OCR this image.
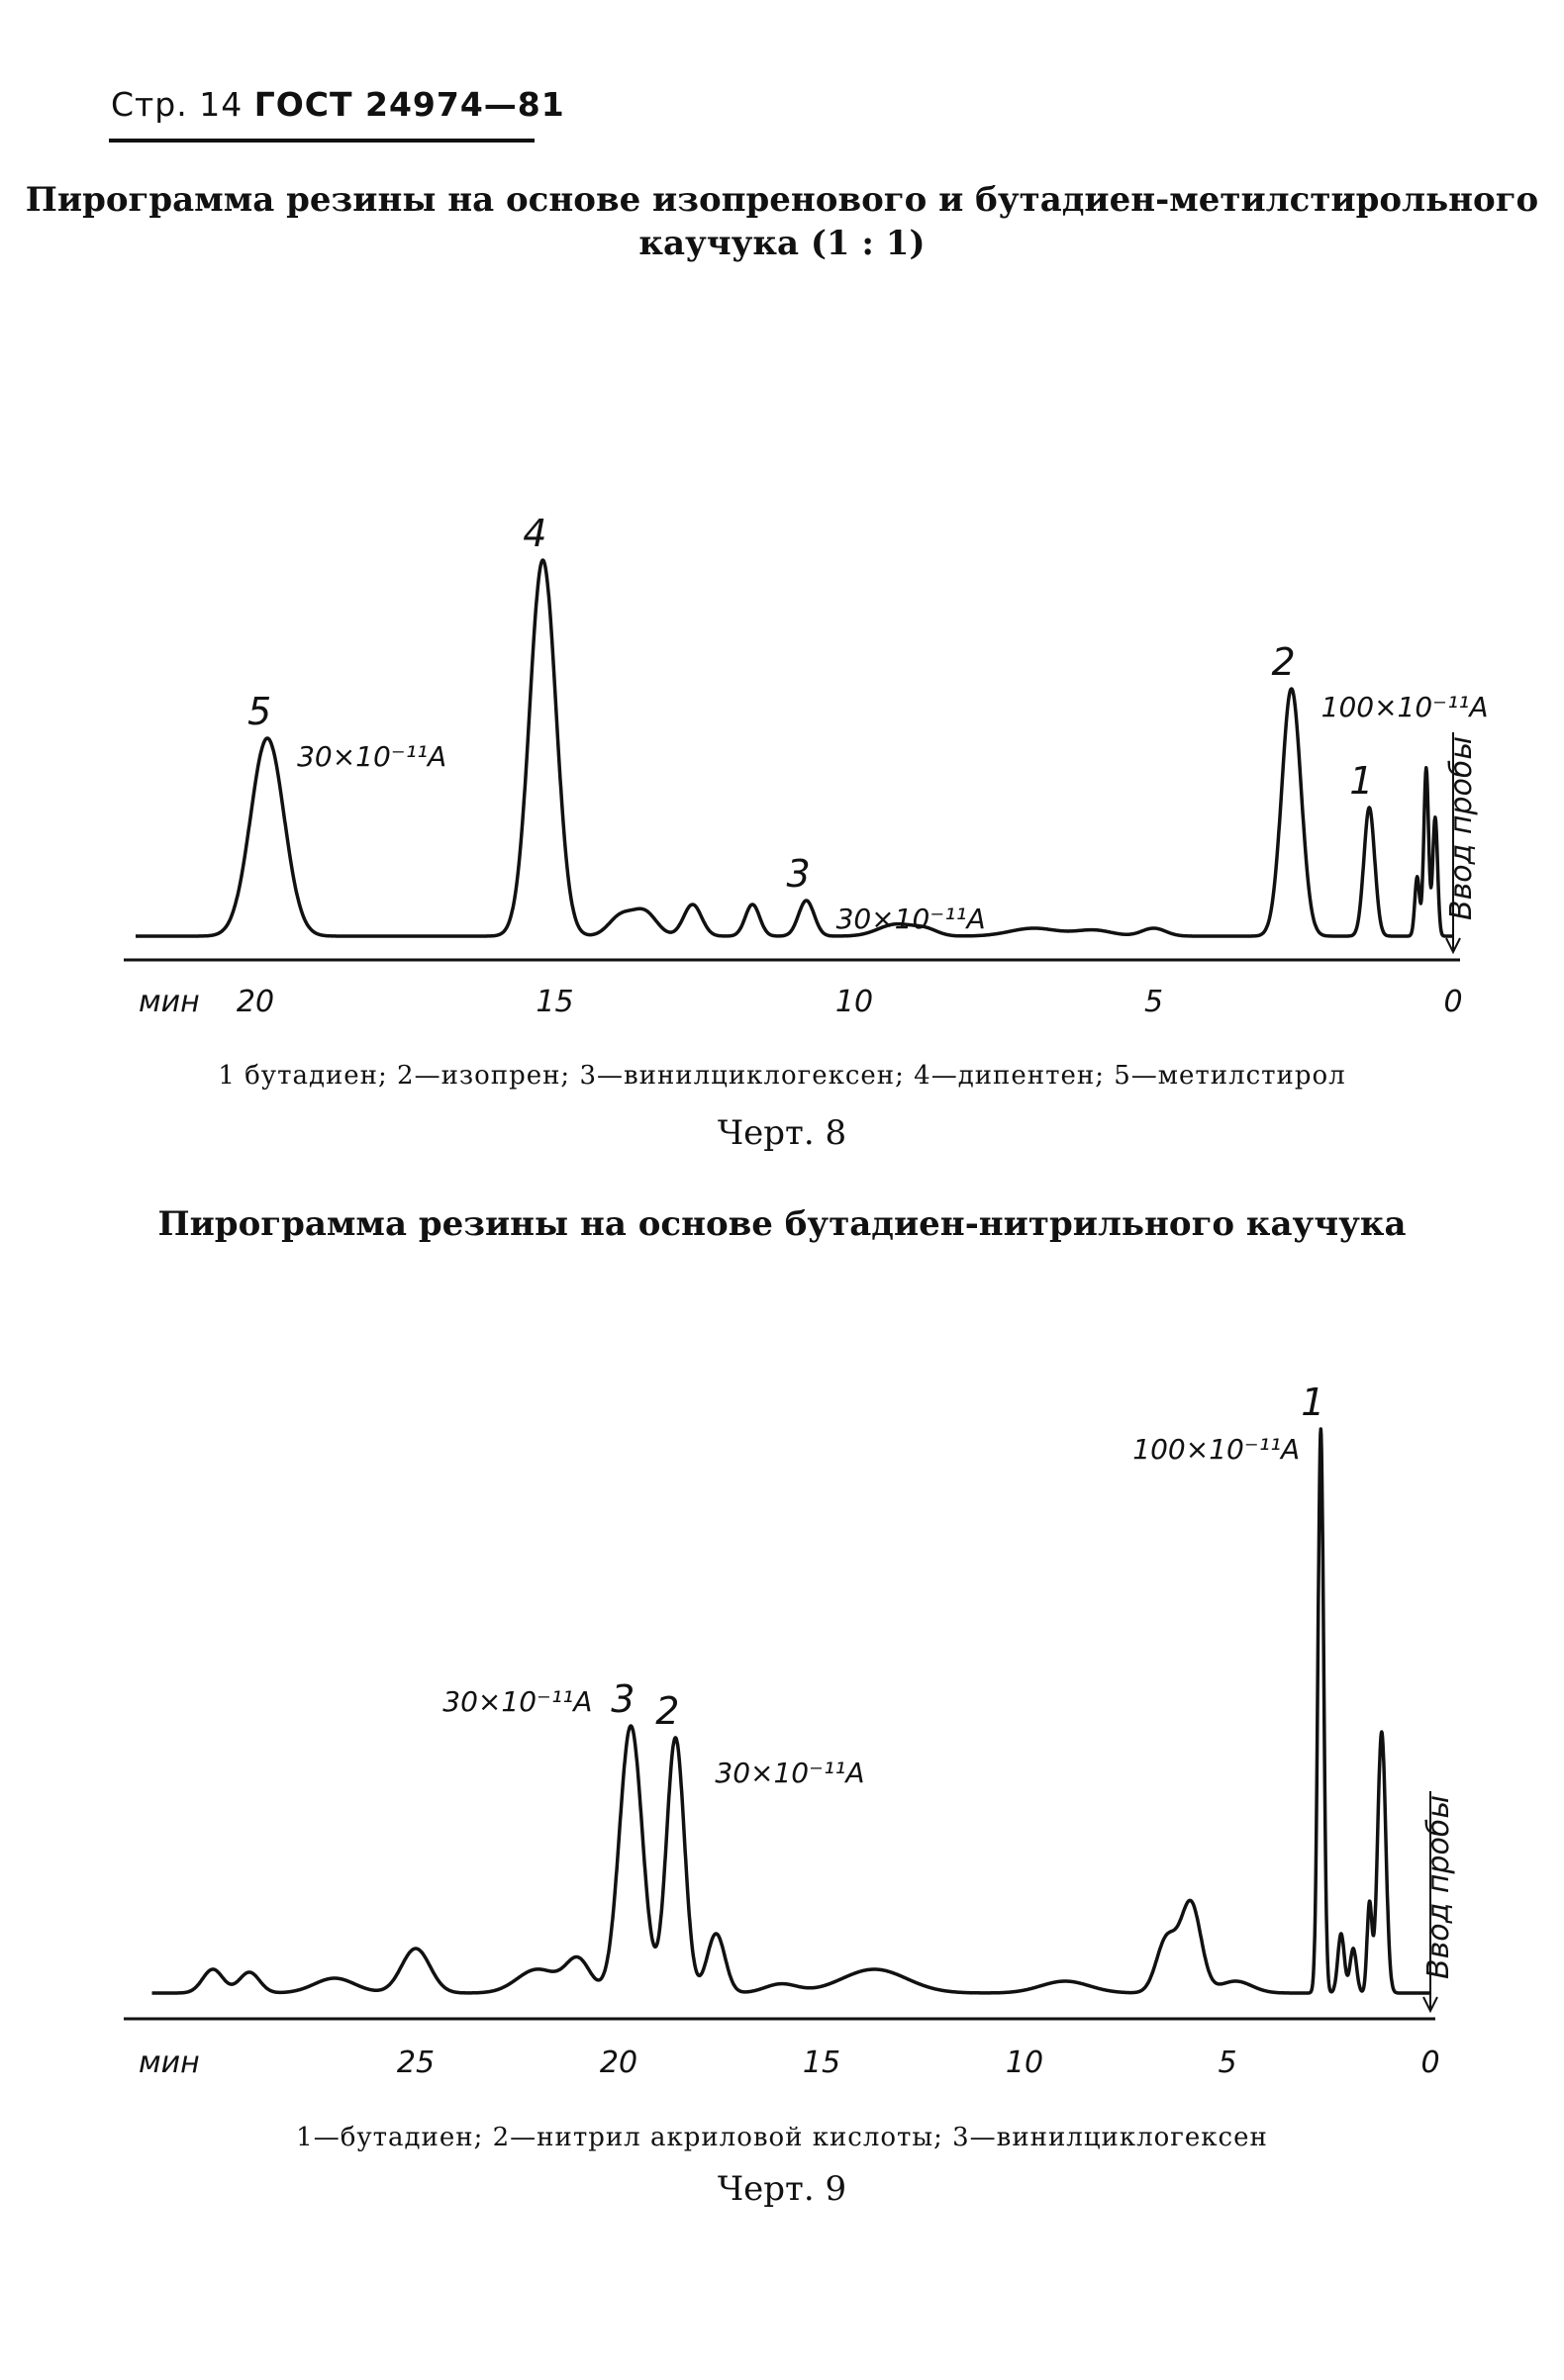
Стр. 14 ГОСТ 24974—81
Пирограмма резины на основе изопренового и бутадиен-метилстирольного
каучука (1 : 1)
мин 20	15	10	5	0
5
30×10⁻¹¹A
4
3
30×10⁻¹¹A
2
100×10⁻¹¹A
1 Ввод пробы
1 бутадиен; 2—изопрен; 3—винилциклогексен; 4—дипентен; 5—метилстирол
Черт. 8
Пирограмма резины на основе бутадиен-нитрильного каучука
мин	25	20	15	10	5	0
3
30×10⁻¹¹A 2
30×10⁻¹¹A
1
100×10⁻¹¹A
Ввод пробы
1—бутадиен; 2—нитрил акриловой кислоты; 3—винилциклогексен
Черт. 9
